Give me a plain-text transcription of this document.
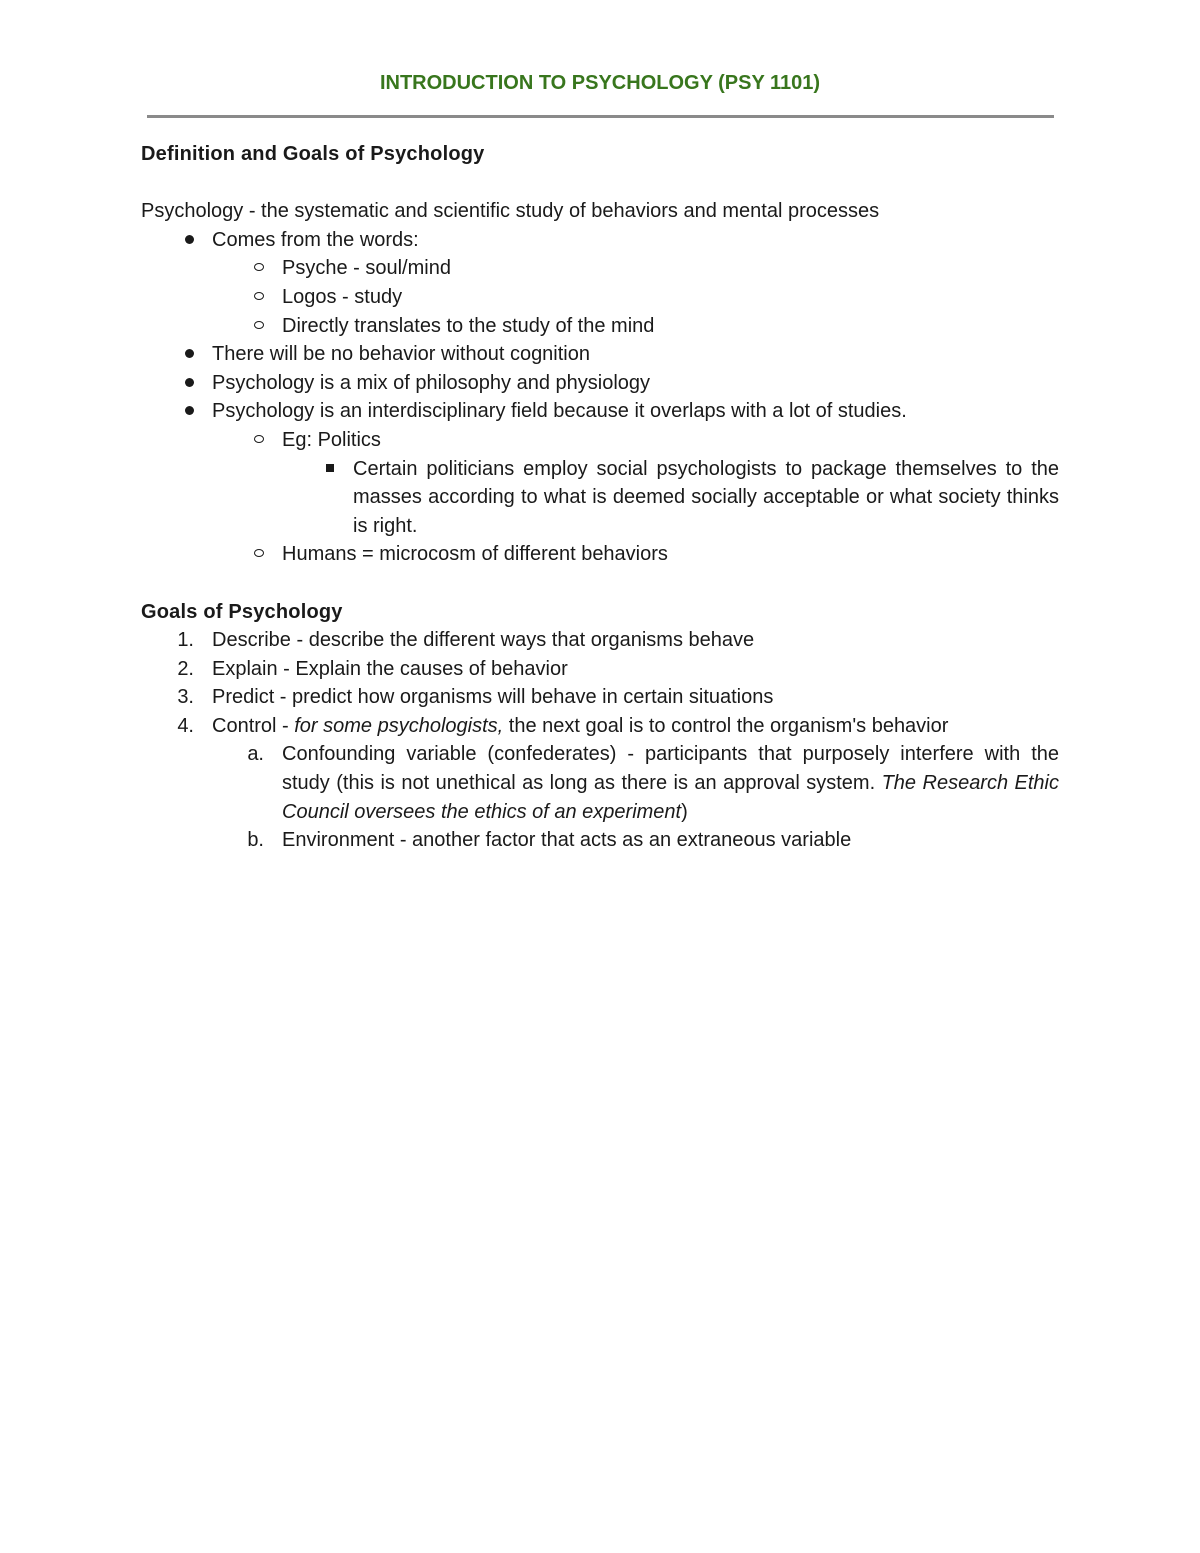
INTRODUCTION TO PSYCHOLOGY (PSY 1101)
Definition and Goals of Psychology
Psychology - the systematic and scientific study of behaviors and mental processes
Comes from the words:
Psyche - soul/mind
Logos - study
Directly translates to the study of the mind
There will be no behavior without cognition
Psychology is a mix of philosophy and physiology
Psychology is an interdisciplinary field because it overlaps with a lot of studies.
Eg: Politics
Certain politicians employ social psychologists to package themselves to the masses according to what is deemed socially acceptable or what society thinks is right.
Humans = microcosm of different behaviors
Goals of Psychology
1. Describe - describe the different ways that organisms behave
2. Explain - Explain the causes of behavior
3. Predict - predict how organisms will behave in certain situations
4. Control - for some psychologists, the next goal is to control the organism's behavior
a. Confounding variable (confederates) - participants that purposely interfere with the study (this is not unethical as long as there is an approval system. The Research Ethic Council oversees the ethics of an experiment)
b. Environment - another factor that acts as an extraneous variable
